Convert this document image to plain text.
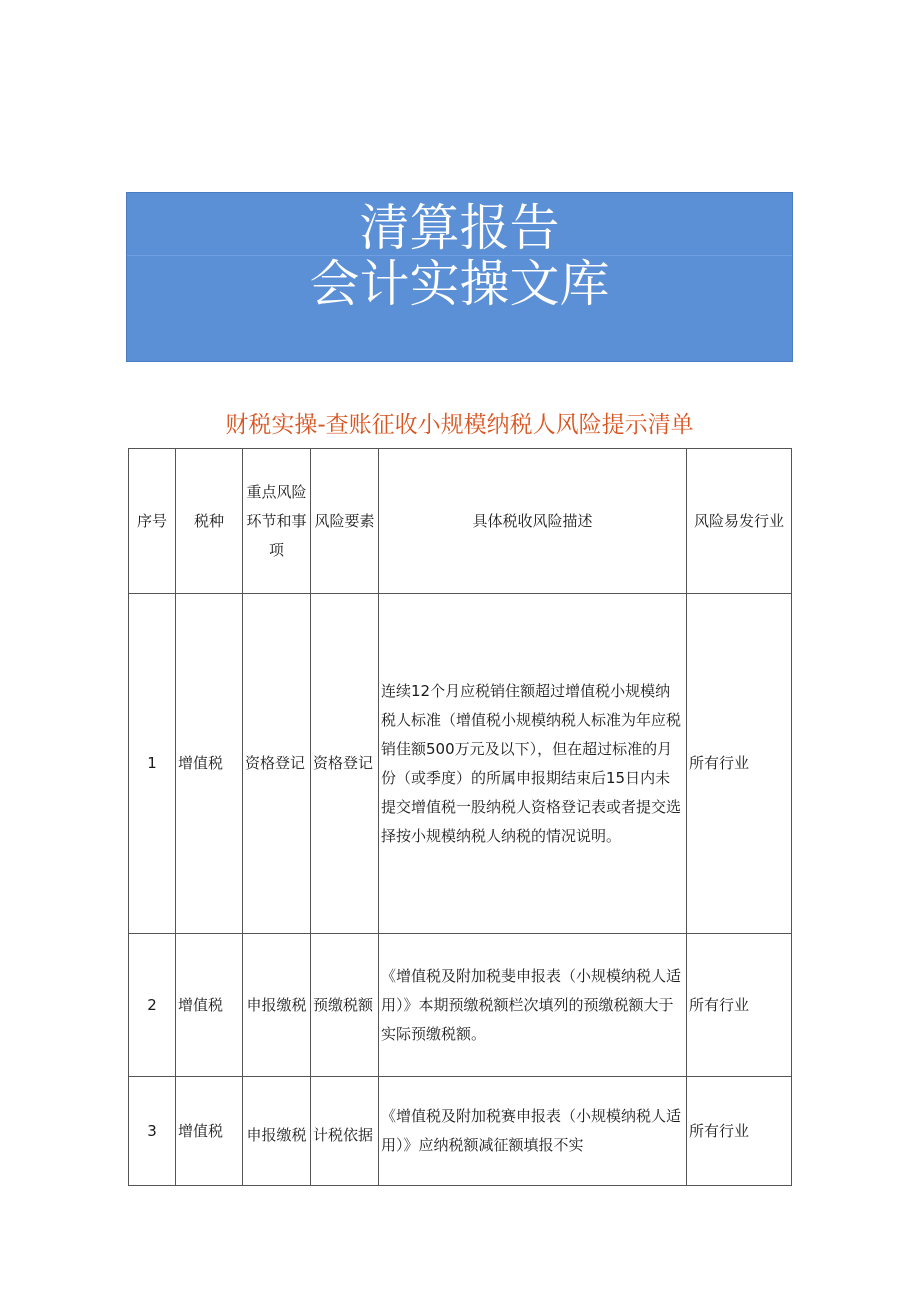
清算报告
会计实操文库
财税实操-查账征收小规模纳税人风险提示清单
序号	税种	重点风险环节和事项	风险要素	具体税收风险描述	风险易发行业
1	增值税	资格登记	资格登记	连续12个月应税销住额超过增值税小规模纳税人标准（增值税小规模纳税人标准为年应税销佳额500万元及以下），但在超过标准的月份（或季度）的所属申报期结束后15日内未提交增值税一股纳税人资格登记表或者提交选择按小规模纳税人纳税的情况说明。	所有行业
2	增值税	申报缴税	预缴税额	《增值税及附加税斐申报表（小规模纳税人适用）》本期预缴税额栏次填列的预缴税额大于实际预缴税额。	所有行业
3	增值税	申报缴税	计税依据	《增值税及附加税赛申报表（小规模纳税人适用）》应纳税额减征额填报不实	所有行业
